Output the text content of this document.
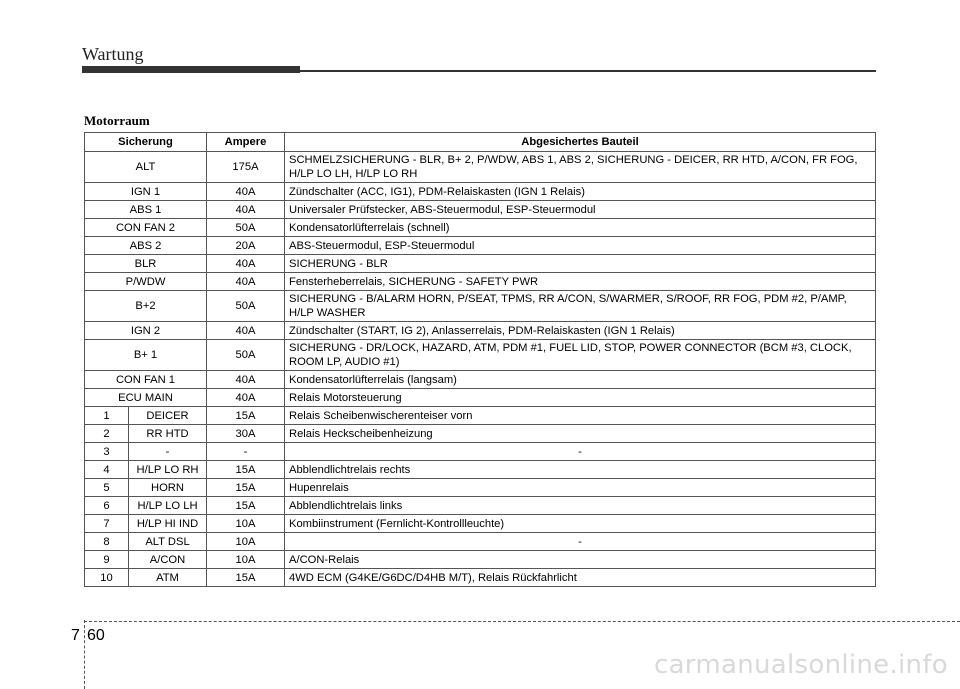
Wartung
Motorraum
Sicherung		Ampere	Abgesichertes Bauteil
ALT		175A	SCHMELZSICHERUNG - BLR, B+ 2, P/WDW, ABS 1, ABS 2, SICHERUNG - DEICER, RR HTD, A/CON, FR FOG, H/LP LO LH, H/LP LO RH
IGN 1		40A	Zündschalter (ACC, IG1), PDM-Relaiskasten (IGN 1 Relais)
ABS 1		40A	Universaler Prüfstecker, ABS-Steuermodul, ESP-Steuermodul
CON FAN 2		50A	Kondensatorlüfterrelais (schnell)
ABS 2		20A	ABS-Steuermodul, ESP-Steuermodul
BLR		40A	SICHERUNG - BLR
P/WDW		40A	Fensterheberrelais, SICHERUNG - SAFETY PWR
B+2		50A	SICHERUNG - B/ALARM HORN, P/SEAT, TPMS, RR A/CON, S/WARMER, S/ROOF, RR FOG, PDM #2, P/AMP, H/LP WASHER
IGN 2		40A	Zündschalter (START, IG 2), Anlasserrelais, PDM-Relaiskasten (IGN 1 Relais)
B+ 1		50A	SICHERUNG - DR/LOCK, HAZARD, ATM, PDM #1, FUEL LID, STOP, POWER CONNECTOR (BCM #3, CLOCK, ROOM LP, AUDIO #1)
CON FAN 1		40A	Kondensatorlüfterrelais (langsam)
ECU MAIN		40A	Relais Motorsteuerung
1	DEICER	15A	Relais Scheibenwischerenteiser vorn
2	RR HTD	30A	Relais Heckscheibenheizung
3	-	-	-
4	H/LP LO RH	15A	Abblendlichtrelais rechts
5	HORN	15A	Hupenrelais
6	H/LP LO LH	15A	Abblendlichtrelais links
7	H/LP HI IND	10A	Kombiinstrument (Fernlicht-Kontrollleuchte)
8	ALT DSL	10A	-
9	A/CON	10A	A/CON-Relais
10	ATM	15A	4WD ECM (G4KE/G6DC/D4HB M/T), Relais Rückfahrlicht
7 60
carmanualsonline.info
